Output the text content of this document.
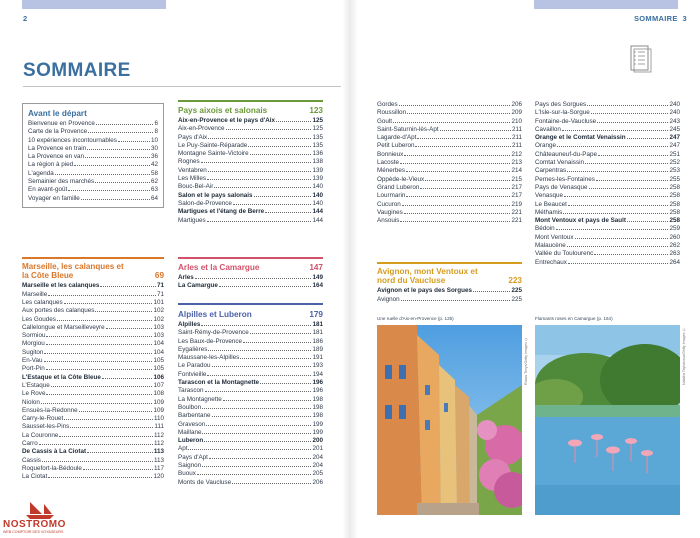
2
SOMMAIRE
Avant le départ
Bienvenue en Provence	6
Carte de la Provence	8
10 expériences incontournables	10
La Provence en train	30
La Provence en van	36
La région à pied	42
L'agenda	58
Semainier des marchés	62
En avant-goût	63
Voyager en famille	64
Marseille, les calanques et la Côte Bleue	69
Marseille et les calanques	71
Marseille	71
Les calanques	101
Aux portes des calanques	102
Les Goudes	102
Callelongue et Marseilleveyre	103
Sormiou	103
Morgiou	104
Sugiton	104
En-Vau	105
Port-Pin	105
L'Estaque et la Côte Bleue	106
L'Estaque	107
Le Rove	108
Niolon	109
Ensuès-la-Redonne	109
Carry-le-Rouet	110
Sausset-les-Pins	111
La Couronne	112
Carro	112
De Cassis à La Ciotat	113
Cassis	113
Roquefort-la-Bédoule	117
La Ciotat	120
Pays aixois et salonais	123
Aix-en-Provence et le pays d'Aix	125
Aix-en-Provence	125
Pays d'Aix	135
Le Puy-Sainte-Réparade	135
Montagne Sainte-Victoire	136
Rognes	138
Ventabren	139
Les Milles	139
Bouc-Bel-Air	140
Salon et le pays salonais	140
Salon-de-Provence	140
Martigues et l'étang de Berre	144
Martigues	144
Arles et la Camargue	147
Arles	149
La Camargue	164
Alpilles et Luberon	179
Alpilles	181
Saint-Rémy-de-Provence	181
Les Baux-de-Provence	186
Eygalières	189
Maussane-les-Alpilles	191
Le Paradou	193
Fontvieille	194
Tarascon et la Montagnette	196
Tarascon	196
La Montagnette	198
Boulbon	198
Barbentane	198
Graveson	199
Maillane	199
Luberon	200
Apt	201
Pays d'Apt	204
Saignon	204
Buoux	205
Monts de Vaucluse	206
NOSTROMO
WEB COMPTOIR DES VOYAGEURS
SOMMAIRE 3
Gordes	206
Roussillon	209
Goult	210
Saint-Saturnin-lès-Apt	211
Lagarde-d'Apt	211
Petit Luberon	211
Bonnieux	212
Lacoste	213
Ménerbes	214
Oppède-le-Vieux	215
Grand Luberon	217
Lourmarin	217
Cucuron	219
Vaugines	221
Ansouis	221
Avignon, mont Ventoux et nord du Vaucluse	223
Avignon et le pays des Sorgues	225
Avignon	225
Pays des Sorgues	240
L'Isle-sur-la-Sorgue	240
Fontaine-de-Vaucluse	243
Cavaillon	245
Orange et le Comtat Venaissin	247
Orange	247
Châteauneuf-du-Pape	251
Comtat Venaissin	252
Carpentras	253
Pernes-les-Fontaines	255
Pays de Venasque	258
Venasque	258
Le Beaucet	258
Méthamis	258
Mont Ventoux et pays de Sault	258
Bédoin	259
Mont Ventoux	260
Malaucène	262
Vallée du Toulourenc	263
Entrechaux	264
Une ruelle d'Aix-en-Provence (p. 125)
Rokas Tenys/Getty Images ©
Flamants roses en Camargue (p. 164)
Nataliia Tsyhanova/Getty Images ©
